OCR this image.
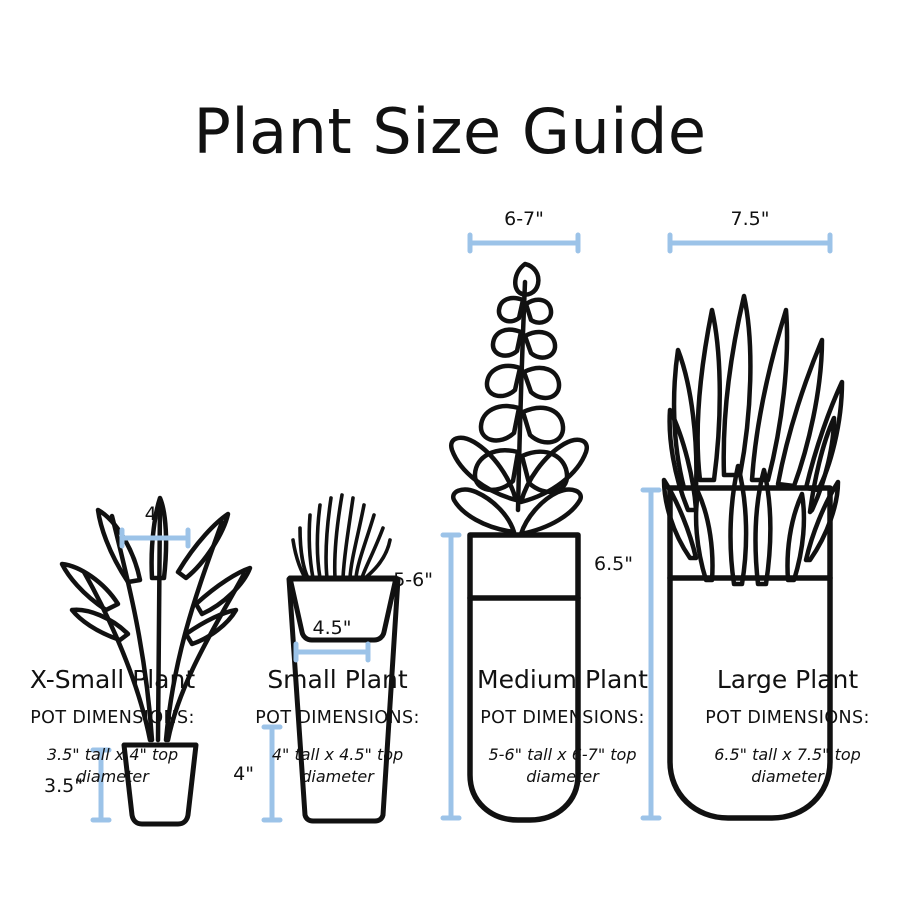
Plant Size Guide
4"
3.5"
4.5"
4"
6-7"
5-6"
7.5"
6.5"
X-Small Plant
POT DIMENSIONS:
3.5" tall x 4" top diameter
Small Plant
POT DIMENSIONS:
4" tall x 4.5" top diameter
Medium Plant
POT DIMENSIONS:
5-6" tall x 6-7" top diameter
Large Plant
POT DIMENSIONS:
6.5" tall x 7.5" top diameter
